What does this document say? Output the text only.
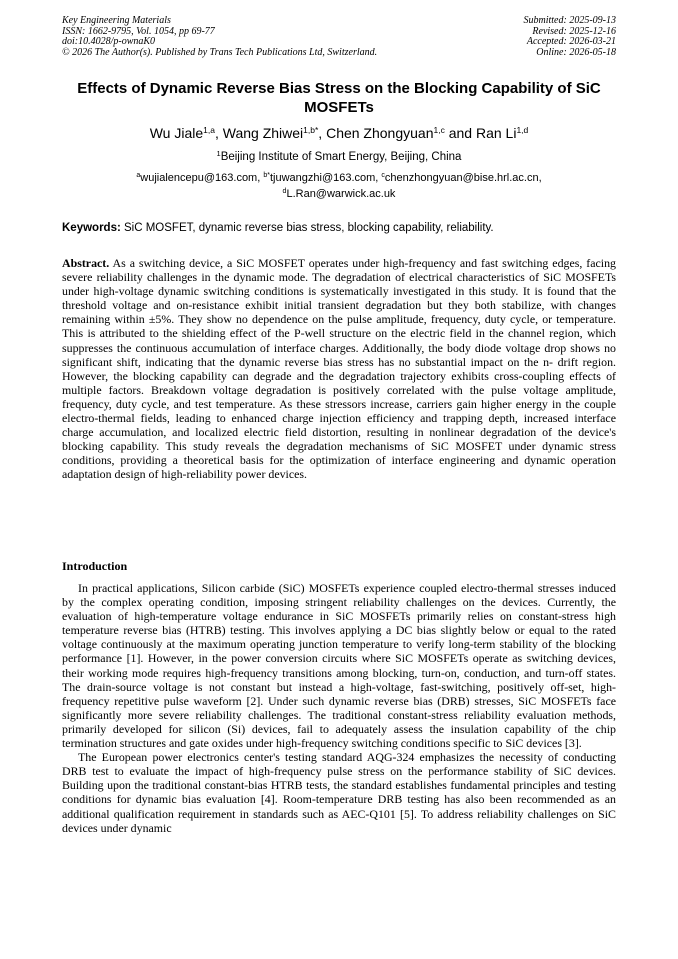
Key Engineering Materials
ISSN: 1662-9795, Vol. 1054, pp 69-77
doi:10.4028/p-ownaK0
© 2026 The Author(s). Published by Trans Tech Publications Ltd, Switzerland.
Submitted: 2025-09-13
Revised: 2025-12-16
Accepted: 2026-03-21
Online: 2026-05-18
Effects of Dynamic Reverse Bias Stress on the Blocking Capability of SiC MOSFETs
Wu Jiale$^{1,a}$, Wang Zhiwei$^{1,b*}$, Chen Zhongyuan$^{1,c}$ and Ran Li$^{1,d}$
$^1$Beijing Institute of Smart Energy, Beijing, China
$^a$wujialencepu@163.com, $^{b*}$tjuwangzhi@163.com, $^c$chenzhongyuan@bise.hrl.ac.cn,
$^d$L.Ran@warwick.ac.uk
Keywords: SiC MOSFET, dynamic reverse bias stress, blocking capability, reliability.

Abstract. As a switching device, a SiC MOSFET operates under high-frequency and fast switching edges, facing severe reliability challenges in the dynamic mode. The degradation of electrical characteristics of SiC MOSFETs under high-voltage dynamic switching conditions is systematically investigated in this study. It is found that the threshold voltage and on-resistance exhibit initial transient degradation but they both stabilize, with changes remaining within ±5%. They show no dependence on the pulse amplitude, frequency, duty cycle, or temperature. This is attributed to the shielding effect of the P-well structure on the electric field in the channel region, which suppresses the continuous accumulation of interface charges. Additionally, the body diode voltage drop shows no significant shift, indicating that the dynamic reverse bias stress has no substantial impact on the n- drift region. However, the blocking capability can degrade and the degradation trajectory exhibits cross-coupling effects of multiple factors. Breakdown voltage degradation is positively correlated with the pulse voltage amplitude, frequency, duty cycle, and test temperature. As these stressors increase, carriers gain higher energy in the couple electro-thermal fields, leading to enhanced charge injection efficiency and trapping depth, increased interface charge accumulation, and localized electric field distortion, resulting in nonlinear degradation of the device's blocking capability. This study reveals the degradation mechanisms of SiC MOSFET under dynamic stress conditions, providing a theoretical basis for the optimization of interface engineering and dynamic operation adaptation design of high-reliability power devices.

Introduction

In practical applications, Silicon carbide (SiC) MOSFETs experience coupled electro-thermal stresses induced by the complex operating condition, imposing stringent reliability challenges on the devices. Currently, the evaluation of high-temperature voltage endurance in SiC MOSFETs primarily relies on constant-stress high temperature reverse bias (HTRB) testing. This involves applying a DC bias slightly below or equal to the rated voltage continuously at the maximum operating junction temperature to verify long-term stability of the blocking performance [1]. However, in the power conversion circuits where SiC MOSFETs operate as switching devices, their working mode requires high-frequency transitions among blocking, turn-on, conduction, and turn-off states. The drain-source voltage is not constant but instead a high-voltage, fast-switching, positively off-set, high-frequency repetitive pulse waveform [2]. Under such dynamic reverse bias (DRB) stresses, SiC MOSFETs face significantly more severe reliability challenges. The traditional constant-stress reliability evaluation methods, primarily developed for silicon (Si) devices, fail to adequately assess the insulation capability of the chip termination structures and gate oxides under high-frequency switching conditions specific to SiC devices [3].

The European power electronics center's testing standard AQG-324 emphasizes the necessity of conducting DRB test to evaluate the impact of high-frequency pulse stress on the performance stability of SiC devices. Building upon the traditional constant-bias HTRB tests, the standard establishes fundamental principles and testing conditions for dynamic bias evaluation [4]. Room-temperature DRB testing has also been recommended as an additional qualification requirement in standards such as AEC-Q101 [5]. To address reliability challenges on SiC devices under dynamic
